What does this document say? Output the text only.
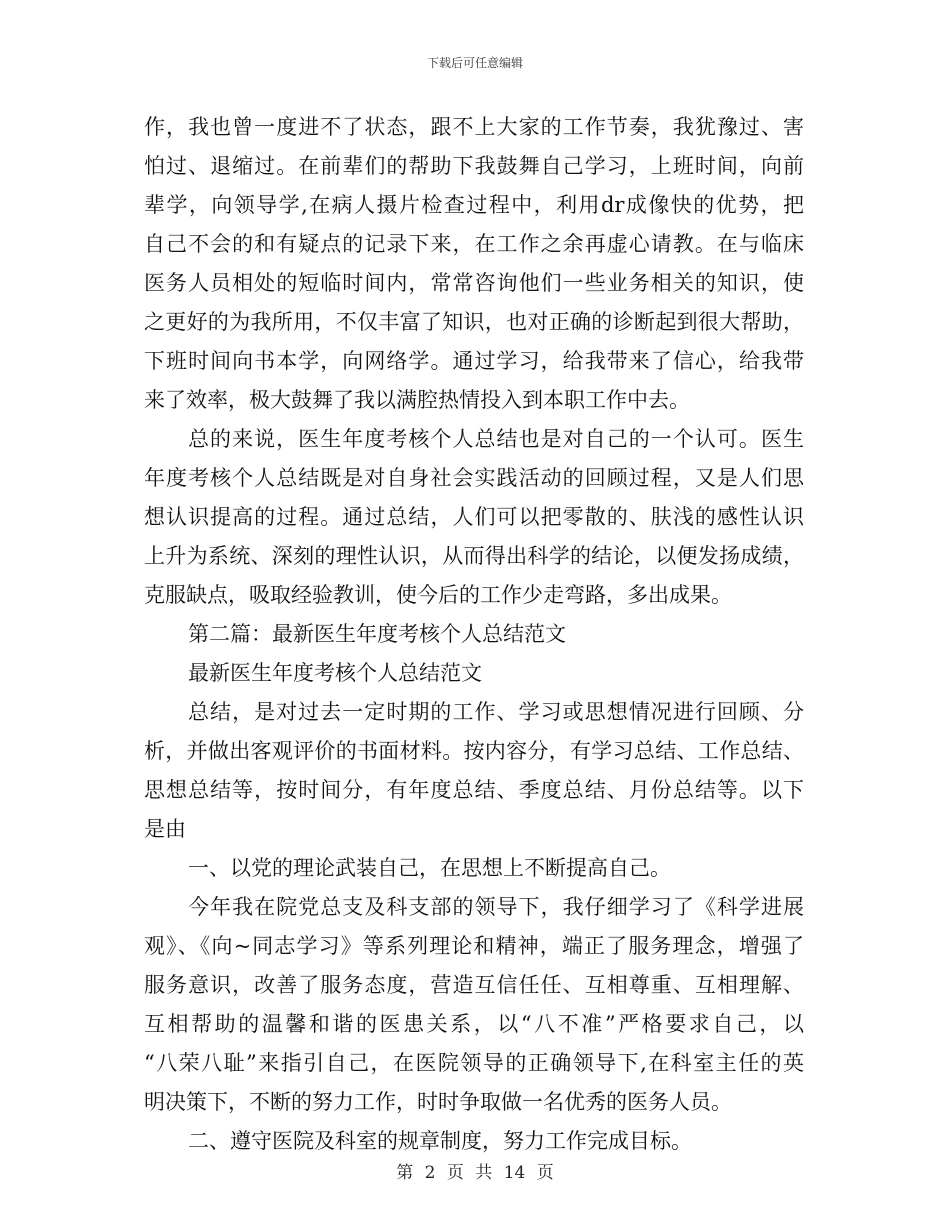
下载后可任意编辑
作，我也曾一度进不了状态，跟不上大家的工作节奏，我犹豫过、害
怕过、退缩过。在前辈们的帮助下我鼓舞自己学习，上班时间，向前
辈学，向领导学,在病人摄片检查过程中，利用dr成像快的优势，把
自己不会的和有疑点的记录下来，在工作之余再虚心请教。在与临床
医务人员相处的短临时间内，常常咨询他们一些业务相关的知识，使
之更好的为我所用，不仅丰富了知识，也对正确的诊断起到很大帮助，
下班时间向书本学，向网络学。通过学习，给我带来了信心，给我带
来了效率，极大鼓舞了我以满腔热情投入到本职工作中去。
总的来说，医生年度考核个人总结也是对自己的一个认可。医生
年度考核个人总结既是对自身社会实践活动的回顾过程，又是人们思
想认识提高的过程。通过总结，人们可以把零散的、肤浅的感性认识
上升为系统、深刻的理性认识，从而得出科学的结论，以便发扬成绩，
克服缺点，吸取经验教训，使今后的工作少走弯路，多出成果。
第二篇：最新医生年度考核个人总结范文
最新医生年度考核个人总结范文
总结，是对过去一定时期的工作、学习或思想情况进行回顾、分
析，并做出客观评价的书面材料。按内容分，有学习总结、工作总结、
思想总结等，按时间分，有年度总结、季度总结、月份总结等。以下
是由
一、以党的理论武装自己，在思想上不断提高自己。
今年我在院党总支及科支部的领导下，我仔细学习了《科学进展
观》、《向~同志学习》等系列理论和精神，端正了服务理念，增强了
服务意识，改善了服务态度，营造互信任任、互相尊重、互相理解、
互相帮助的温馨和谐的医患关系，以“八不准”严格要求自己，以
“八荣八耻”来指引自己，在医院领导的正确领导下,在科室主任的英
明决策下，不断的努力工作，时时争取做一名优秀的医务人员。
二、遵守医院及科室的规章制度，努力工作完成目标。
第 2 页 共 14 页
